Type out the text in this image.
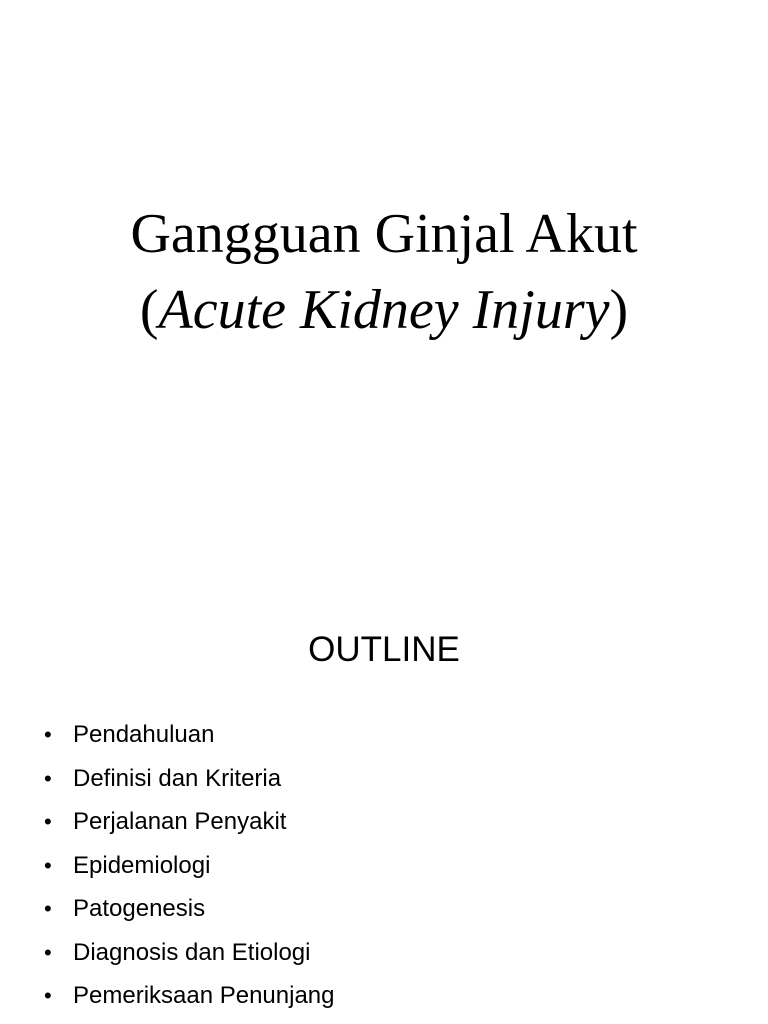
Gangguan Ginjal Akut
(Acute Kidney Injury)
OUTLINE
• Pendahuluan
• Definisi dan Kriteria
• Perjalanan Penyakit
• Epidemiologi
• Patogenesis
• Diagnosis dan Etiologi
• Pemeriksaan Penunjang
